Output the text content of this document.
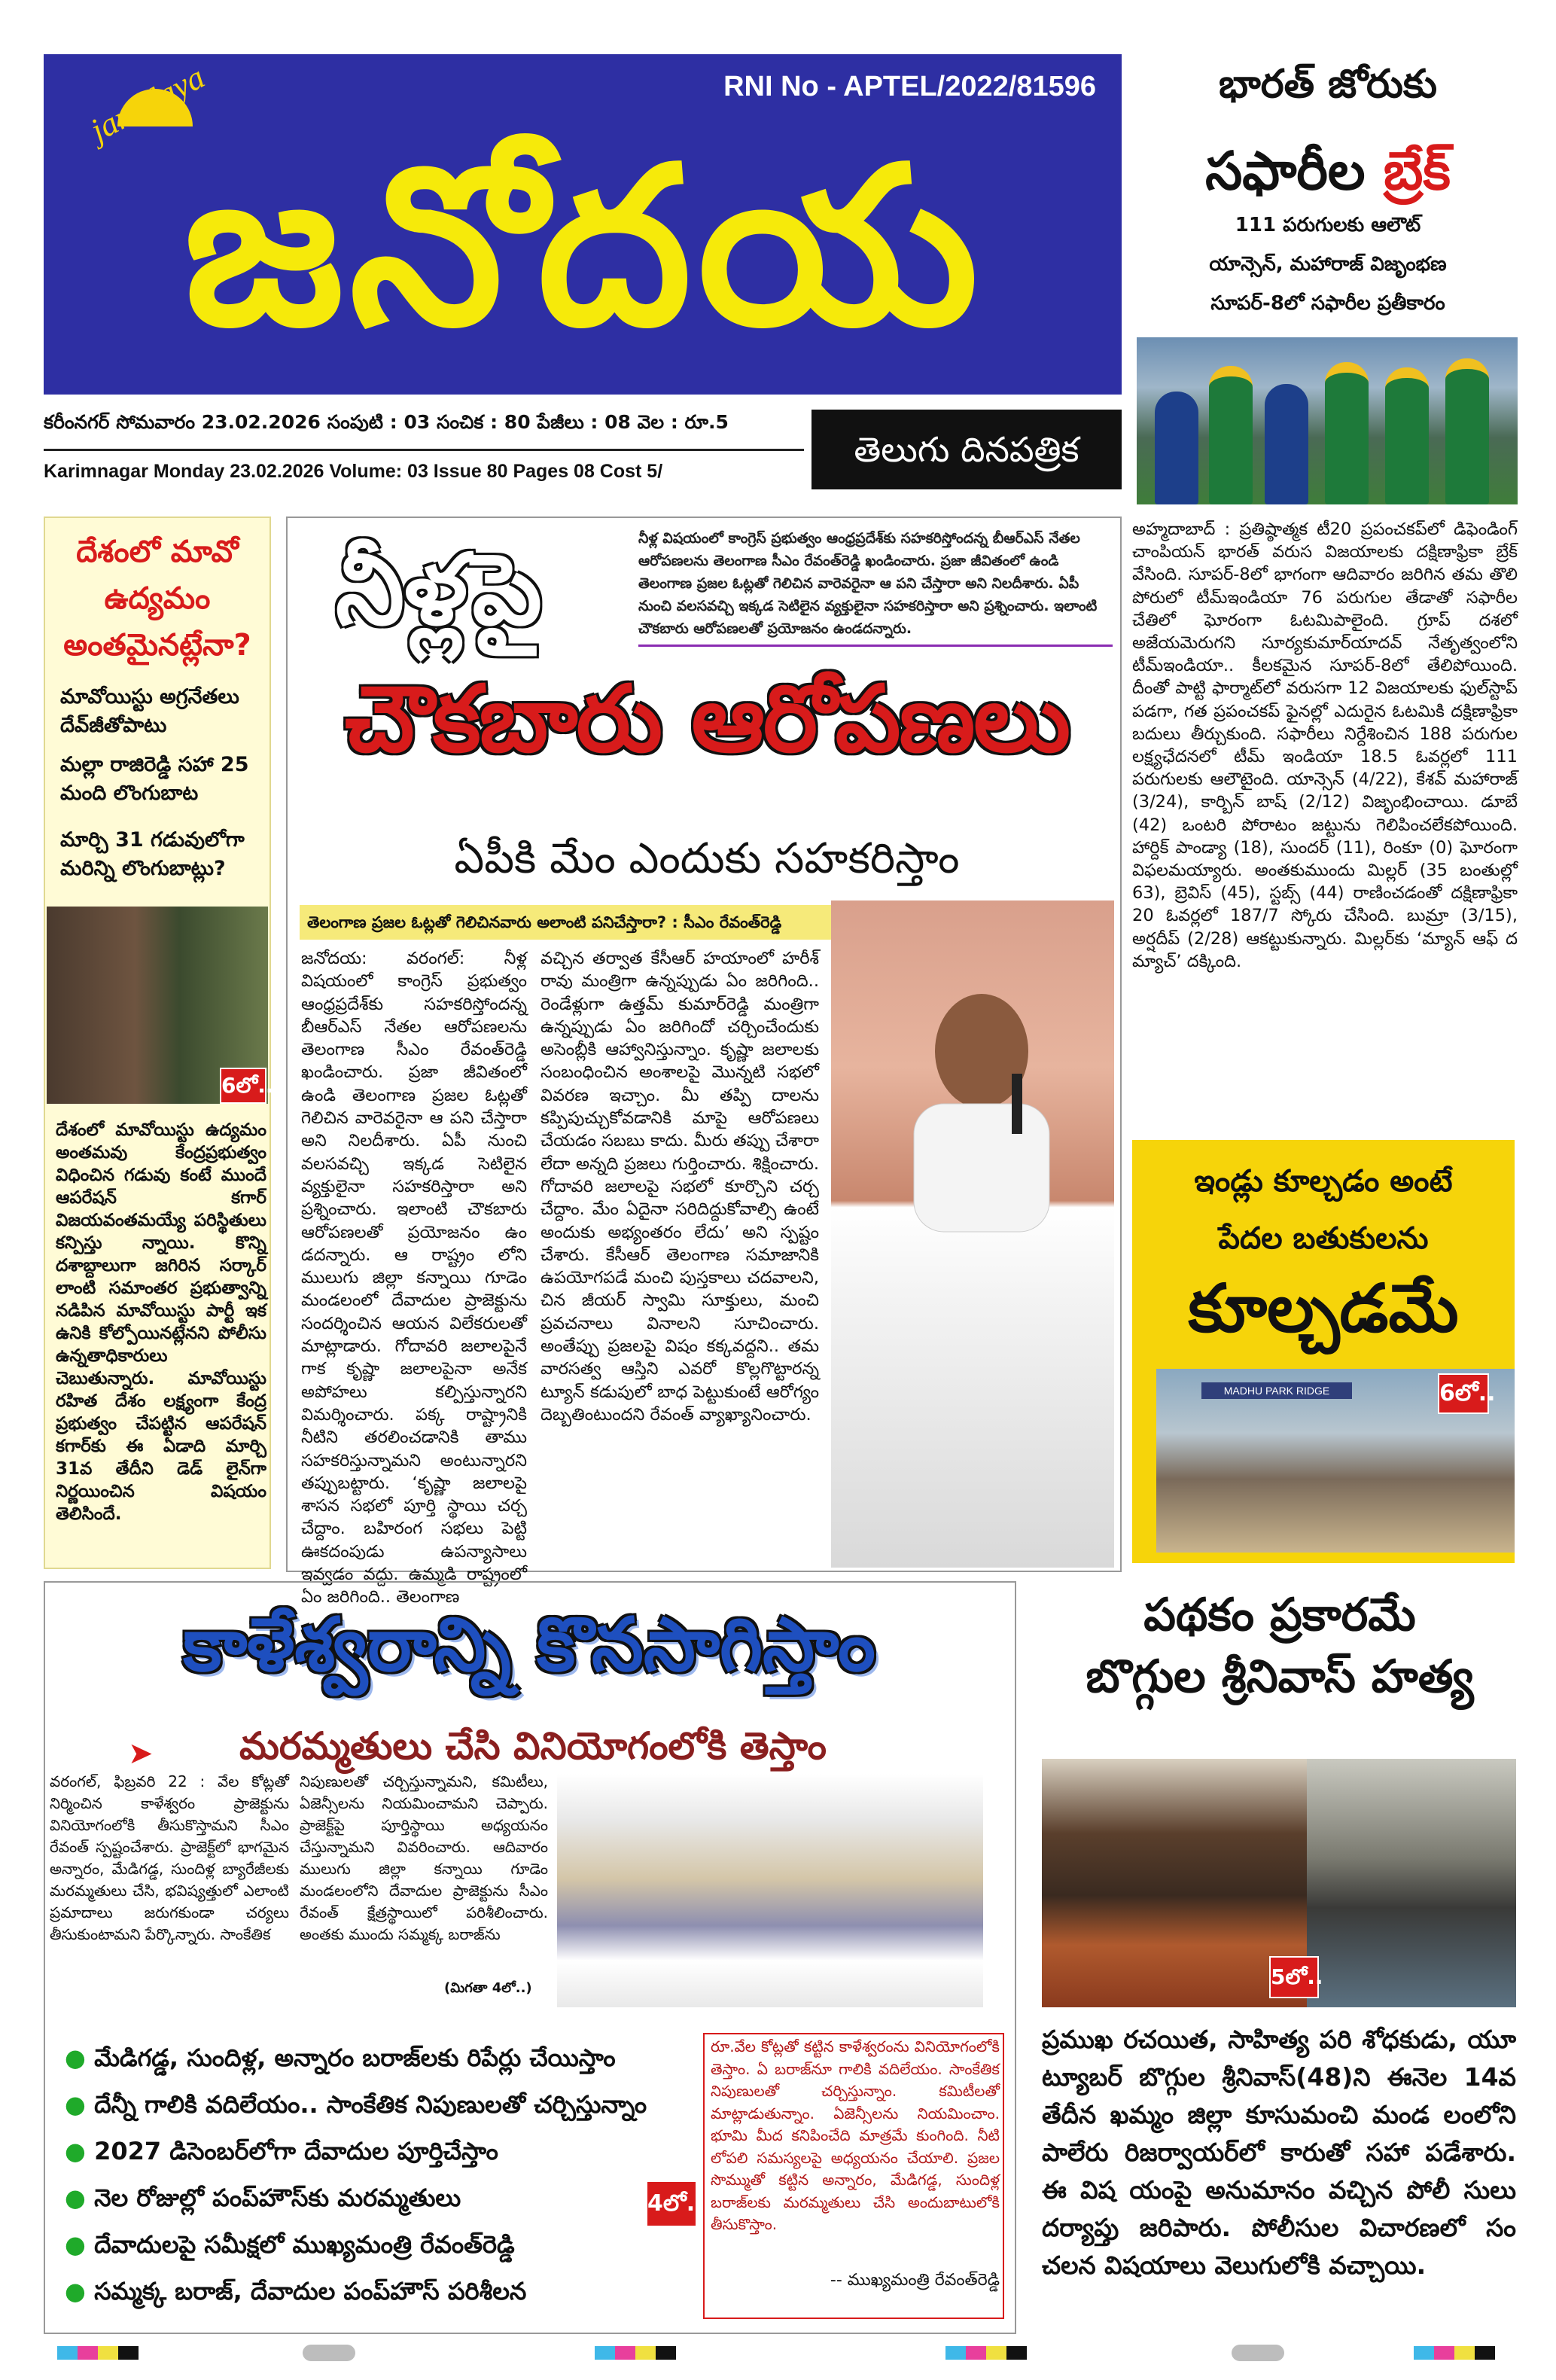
janodaya
జనోదయ
RNI No - APTEL/2022/81596
కరీంనగర్ సోమవారం 23.02.2026 సంపుటి : 03 సంచిక : 80 పేజీలు : 08 వెల : రూ.5
Karimnagar Monday 23.02.2026 Volume: 03 Issue 80 Pages 08 Cost 5/
తెలుగు దినపత్రిక
భారత్ జోరుకు
సఫారీల బ్రేక్
111 పరుగులకు ఆలౌట్
యాన్సెన్, మహారాజ్ విజృంభణ
సూపర్-8లో సఫారీల ప్రతీకారం
అహ్మదాబాద్ : ప్రతిష్ఠాత్మక టీ20 ప్రపంచకప్‌లో డిఫెండింగ్ చాంపియన్ భారత్ వరుస విజయాలకు దక్షిణాఫ్రికా బ్రేక్ వేసింది. సూపర్-8లో భాగంగా ఆదివారం జరిగిన తమ తొలి పోరులో టీమ్‌ఇండియా 76 పరుగుల తేడాతో సఫారీల చేతిలో ఘోరంగా ఓటమిపాలైంది. గ్రూప్ దశలో అజేయమెరుగని సూర్యకుమార్‌యాదవ్ నేతృత్వంలోని టీమ్‌ఇండియా.. కీలకమైన సూపర్-8లో తేలిపోయింది. దీంతో పాట్టి ఫార్మాట్‌లో వరుసగా 12 విజయాలకు ఫుల్‌స్టాప్ పడగా, గత ప్రపంచకప్ ఫైనల్లో ఎదురైన ఓటమికి దక్షిణాఫ్రికా బదులు తీర్చుకుంది. సఫారీలు నిర్దేశించిన 188 పరుగుల లక్ష్యఛేదనలో టీమ్ ఇండియా 18.5 ఓవర్లలో 111 పరుగులకు ఆలౌటైంది. యాన్సెన్ (4/22), కేశవ్ మహారాజ్ (3/24), కార్బిన్ బాష్ (2/12) విజృంభించాయి. డూబే (42) ఒంటరి పోరాటం జట్టును గెలిపించలేకపోయింది. హార్దిక్ పాండ్యా (18), సుందర్ (11), రింకూ (0) ఘోరంగా విఫలమయ్యారు. అంతకుముందు మిల్లర్ (35 బంతుల్లో 63), బ్రెవిస్ (45), స్టబ్స్ (44) రాణించడంతో దక్షిణాఫ్రికా 20 ఓవర్లలో 187/7 స్కోరు చేసింది. బుమ్రా (3/15), అర్షదీప్ (2/28) ఆకట్టుకున్నారు. మిల్లర్‌కు ‘మ్యాన్ ఆఫ్ ద మ్యాచ్’ దక్కింది.
దేశంలో మావో ఉద్యమం అంతమైనట్లేనా?
మావోయిస్టు అగ్రనేతలు దేవ్‌జీతోపాటు
మల్లా రాజిరెడ్డి సహా 25 మంది లొంగుబాట
మార్చి 31 గడువులోగా మరిన్ని లొంగుబాట్లు?
6లో..
దేశంలో మావోయిస్టు ఉద్యమం అంతమవు కేంద్రప్రభుత్వం విధించిన గడువు కంటే ముందే ఆపరేషన్ కగార్ విజయవంతమయ్యే పరిస్థితులు కన్పిస్తు న్నాయి. కొన్ని దశాబ్దాలుగా జగిరిన సర్కార్ లాంటి సమాంతర ప్రభుత్వాన్ని నడిపిన మావోయిస్టు పార్టీ ఇక ఉనికి కోల్పోయినట్లేనని పోలీసు ఉన్నతాధికారులు చెబుతున్నారు. మావోయిస్టు రహిత దేశం లక్ష్యంగా కేంద్ర ప్రభుత్వం చేపట్టిన ఆపరేషన్ కగార్‌కు ఈ ఏడాది మార్చి 31వ తేదీని డెడ్ లైన్‌గా నిర్ణయించిన విషయం తెలిసిందే.
నీళ్లపై	నీళ్ల విషయంలో కాంగ్రెస్ ప్రభుత్వం ఆంధ్రప్రదేశ్‌కు సహకరిస్తోందన్న బీఆర్ఎస్ నేతల ఆరోపణలను తెలంగాణ సీఎం రేవంత్‌రెడ్డి ఖండించారు. ప్రజా జీవితంలో ఉండి తెలంగాణ ప్రజల ఓట్లతో గెలిచిన వారెవరైనా ఆ పని చేస్తారా అని నిలదీశారు. ఏపీ నుంచి వలసవచ్చి ఇక్కడ సెటిలైన వ్యక్తులైనా సహకరిస్తారా అని ప్రశ్నించారు. ఇలాంటి చౌకబారు ఆరోపణలతో ప్రయోజనం ఉండదన్నారు.
చౌకబారు ఆరోపణలు
ఏపీకి మేం ఎందుకు సహకరిస్తాం
తెలంగాణ ప్రజల ఓట్లతో గెలిచినవారు అలాంటి పనిచేస్తారా? : సీఎం రేవంత్‌రెడ్డి
జనోదయ: వరంగల్: నీళ్ల విషయంలో కాంగ్రెస్ ప్రభుత్వం ఆంధ్రప్రదేశ్‌కు సహకరిస్తోందన్న బీఆర్ఎస్ నేతల ఆరోపణలను తెలంగాణ సీఎం రేవంత్‌రెడ్డి ఖండించారు. ప్రజా జీవితంలో ఉండి తెలంగాణ ప్రజల ఓట్లతో గెలిచిన వారెవరైనా ఆ పని చేస్తారా అని నిలదీశారు. ఏపీ నుంచి వలసవచ్చి ఇక్కడ సెటిలైన వ్యక్తులైనా సహకరిస్తారా అని ప్రశ్నించారు. ఇలాంటి చౌకబారు ఆరోపణలతో ప్రయోజనం ఉం డదన్నారు. ఆ రాష్ట్రం లోని ములుగు జిల్లా కన్నాయి గూడెం మండలంలో దేవాదుల ప్రాజెక్టును సందర్శించిన ఆయన విలేకరులతో మాట్లాడారు. గోదావరి జలాలపైనే గాక కృష్ణా జలాలపైనా అనేక అపోహలు కల్పిస్తున్నారని విమర్శించారు. పక్క రాష్ట్రానికి నీటిని తరలించడానికి తాము సహకరిస్తున్నామని అంటున్నారని తప్పుబట్టారు. ‘కృష్ణా జలాలపై శాసన సభలో పూర్తి స్థాయి చర్చ చేద్దాం. బహిరంగ సభలు పెట్టి ఊకదంపుడు ఉపన్యాసాలు ఇవ్వడం వద్దు. ఉమ్మడి రాష్ట్రంలో ఏం జరిగింది.. తెలంగాణ
వచ్చిన తర్వాత కేసీఆర్ హయాంలో హరీశ్ రావు మంత్రిగా ఉన్నప్పుడు ఏం జరిగింది.. రెండేళ్లుగా ఉత్తమ్ కుమార్‌రెడ్డి మంత్రిగా ఉన్నప్పుడు ఏం జరిగిందో చర్చించేందుకు అసెంబ్లీకి ఆహ్వానిస్తున్నాం. కృష్ణా జలాలకు సంబంధించిన అంశాలపై మొన్నటి సభలో వివరణ ఇచ్చాం. మీ తప్పి దాలను కప్పిపుచ్చుకోవడానికి మాపై ఆరోపణలు చేయడం సబబు కాదు. మీరు తప్పు చేశారా లేదా అన్నది ప్రజలు గుర్తించారు. శిక్షించారు. గోదావరి జలాలపై సభలో కూర్చొని చర్చ చేద్దాం. మేం ఏదైనా సరిదిద్దుకోవాల్సి ఉంటే అందుకు అభ్యంతరం లేదు’ అని స్పష్టం చేశారు. కేసీఆర్ తెలంగాణ సమాజానికి ఉపయోగపడే మంచి పుస్తకాలు చదవాలని, చిన జీయర్ స్వామి సూక్తులు, మంచి ప్రవచనాలు వినాలని సూచించారు. అంతేప్పు ప్రజలపై విషం కక్కవద్దని.. తమ వారసత్వ ఆస్తిని ఎవరో కొల్లగొట్టారన్న ట్యూన్ కడుపులో బాధ పెట్టుకుంటే ఆరోగ్యం దెబ్బతింటుందని రేవంత్ వ్యాఖ్యానించారు.
ఇండ్లు కూల్చడం అంటే
పేదల బతుకులను
కూల్చడమే
MADHU PARK RIDGE	6లో..
కాళేశ్వరాన్ని కొనసాగిస్తాం
➤	మరమ్మతులు చేసి వినియోగంలోకి తెస్తాం
వరంగల్, ఫిబ్రవరి 22 : వేల కోట్లతో నిర్మించిన కాళేశ్వరం ప్రాజెక్టును వినియోగంలోకి తీసుకొస్తామని సీఎం రేవంత్ స్పష్టంచేశారు. ప్రాజెక్ట్‌లో భాగమైన అన్నారం, మేడిగడ్డ, సుందిళ్ల బ్యారేజీలకు మరమ్మతులు చేసి, భవిష్యత్తులో ఎలాంటి ప్రమాదాలు జరుగకుండా చర్యలు తీసుకుంటామని పేర్కొన్నారు. సాంకేతిక
నిపుణులతో చర్చిస్తున్నామని, కమిటీలు, ఏజెన్సీలను నియమించామని చెప్పారు. ప్రాజెక్ట్‌పై పూర్తిస్థాయి అధ్యయనం చేస్తున్నామని వివరించారు. ఆదివారం ములుగు జిల్లా కన్నాయి గూడెం మండలంలోని దేవాదుల ప్రాజెక్టును సీఎం రేవంత్ క్షేత్రస్థాయిలో పరిశీలించారు. అంతకు ముందు సమ్మక్క బరాజ్‌ను
(మిగతా 4లో..)
● మేడిగడ్డ, సుందిళ్ల, అన్నారం బరాజ్‌లకు రిపేర్లు చేయిస్తాం
● దేన్నీ గాలికి వదిలేయం.. సాంకేతిక నిపుణులతో చర్చిస్తున్నాం
● 2027 డిసెంబర్‌లోగా దేవాదుల పూర్తిచేస్తాం
● నెల రోజుల్లో పంప్‌హౌస్‌కు మరమ్మతులు
● దేవాదులపై సమీక్షలో ముఖ్యమంత్రి రేవంత్‌రెడ్డి
● సమ్మక్క బరాజ్, దేవాదుల పంప్‌హౌస్ పరిశీలన
4లో..
రూ.వేల కోట్లతో కట్టిన కాళేశ్వరంను వినియోగంలోకి తెస్తాం. ఏ బరాజ్‌నూ గాలికి వదిలేయం. సాంకేతిక నిపుణులతో చర్చిస్తున్నాం. కమిటీలతో మాట్లాడుతున్నాం. ఏజెన్సీలను నియమించాం. భూమి మీద కనిపించేది మాత్రమే కుంగింది. నీటి లోపలి సమస్యలపై అధ్యయనం చేయాలి. ప్రజల సొమ్ముతో కట్టిన అన్నారం, మేడిగడ్డ, సుందిళ్ల బరాజ్‌లకు మరమ్మతులు చేసి అందుబాటులోకి తీసుకొస్తాం.
-- ముఖ్యమంత్రి రేవంత్‌రెడ్డి
పథకం ప్రకారమే
బొగ్గుల శ్రీనివాస్ హత్య
5లో..
ప్రముఖ రచయిత, సాహిత్య పరి శోధకుడు, యూ ట్యూబర్ బొగ్గుల శ్రీనివాస్(48)ని ఈనెల 14వ తేదీన ఖమ్మం జిల్లా కూసుమంచి మండ లంలోని పాలేరు రిజర్వాయర్‌లో కారుతో సహా పడేశారు. ఈ విష యంపై అనుమానం వచ్చిన పోలీ సులు దర్యాప్తు జరిపారు. పోలీసుల విచారణలో సం చలన విషయాలు వెలుగులోకి వచ్చాయి.
